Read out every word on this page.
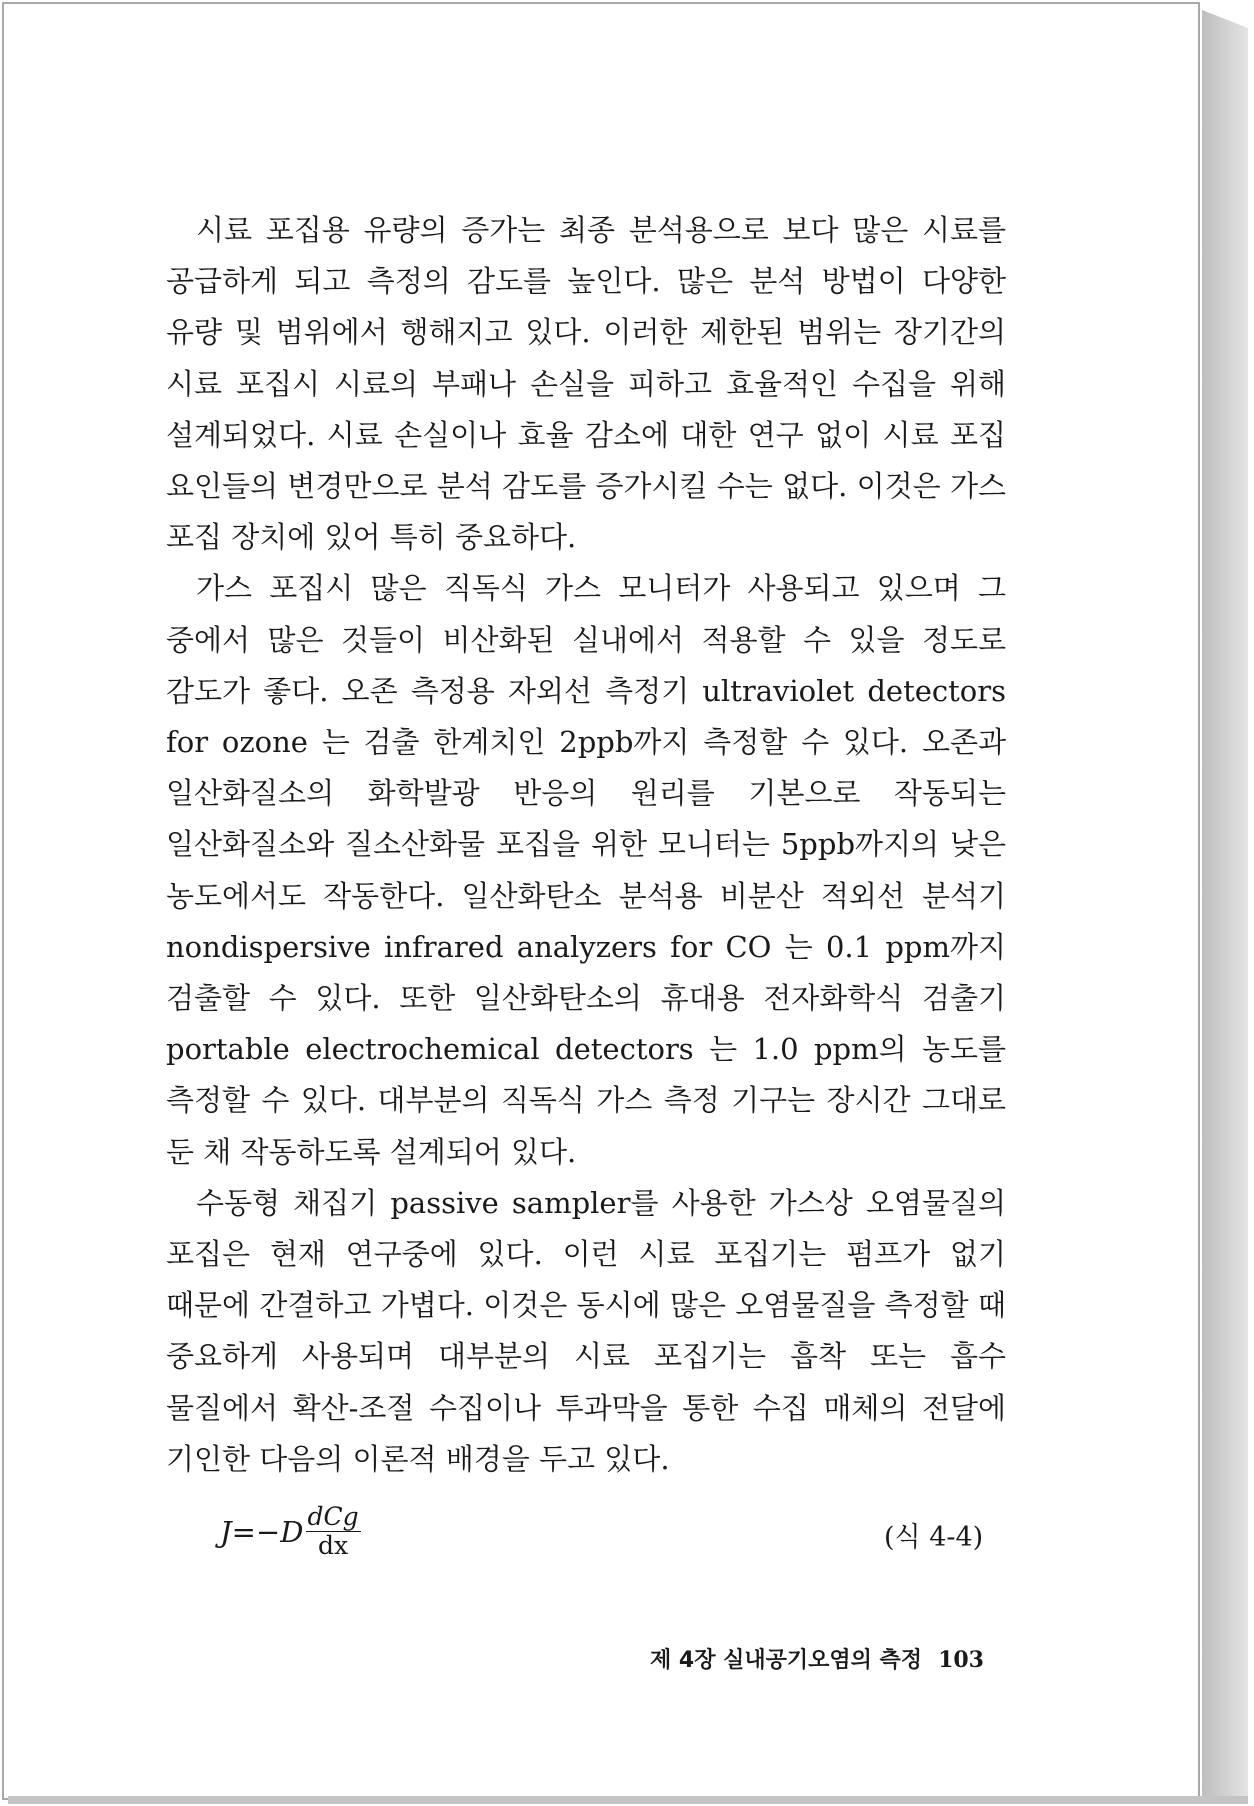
시료 포집용 유량의 증가는 최종 분석용으로 보다 많은 시료를 공급하게 되고 측정의 감도를 높인다. 많은 분석 방법이 다양한 유량 및 범위에서 행해지고 있다. 이러한 제한된 범위는 장기간의 시료 포집시 시료의 부패나 손실을 피하고 효율적인 수집을 위해 설계되었다. 시료 손실이나 효율 감소에 대한 연구 없이 시료 포집 요인들의 변경만으로 분석 감도를 증가시킬 수는 없다. 이것은 가스 포집 장치에 있어 특히 중요하다.

가스 포집시 많은 직독식 가스 모니터가 사용되고 있으며 그 중에서 많은 것들이 비산화된 실내에서 적용할 수 있을 정도로 감도가 좋다. 오존 측정용 자외선 측정기 ultraviolet detectors for ozone 는 검출 한계치인 2ppb까지 측정할 수 있다. 오존과 일산화질소의 화학발광 반응의 원리를 기본으로 작동되는 일산화질소와 질소산화물 포집을 위한 모니터는 5ppb까지의 낮은 농도에서도 작동한다. 일산화탄소 분석용 비분산 적외선 분석기 nondispersive infrared analyzers for CO 는 0.1 ppm까지 검출할 수 있다. 또한 일산화탄소의 휴대용 전자화학식 검출기 portable electrochemical detectors 는 1.0 ppm의 농도를 측정할 수 있다. 대부분의 직독식 가스 측정 기구는 장시간 그대로 둔 채 작동하도록 설계되어 있다.

수동형 채집기 passive sampler를 사용한 가스상 오염물질의 포집은 현재 연구중에 있다. 이런 시료 포집기는 펌프가 없기 때문에 간결하고 가볍다. 이것은 동시에 많은 오염물질을 측정할 때 중요하게 사용되며 대부분의 시료 포집기는 흡착 또는 흡수 물질에서 확산-조절 수집이나 투과막을 통한 수집 매체의 전달에 기인한 다음의 이론적 배경을 두고 있다.

J = − D $\frac{\text{dCg}}{dx}$	(식 4-4)
제 4장 실내공기오염의 측정 103
